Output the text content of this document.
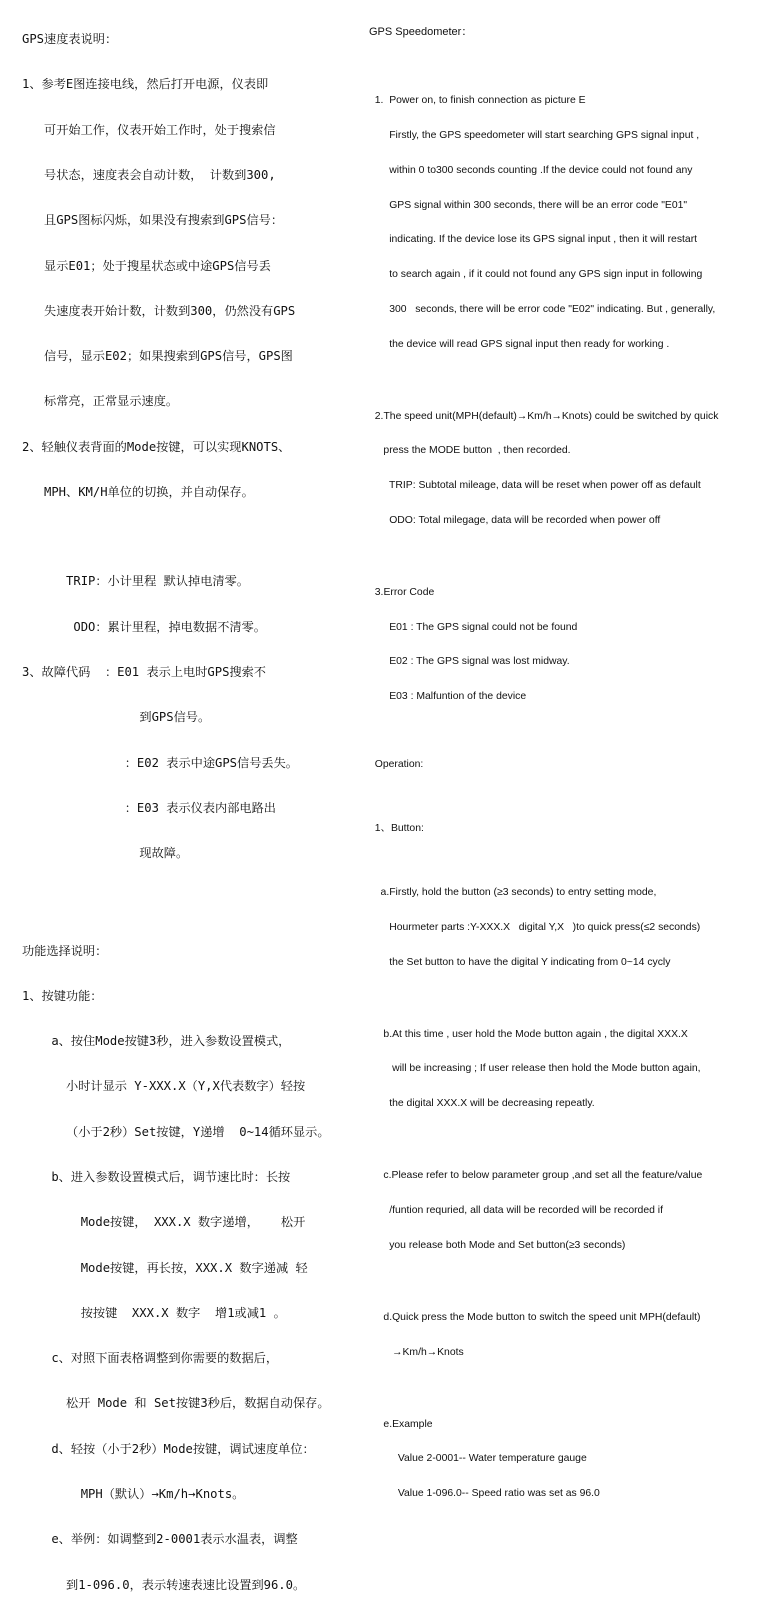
GPS速度表说明：

1、参考E图连接电线，然后打开电源，仪表即

可开始工作，仪表开始工作时，处于搜索信

号状态，速度表会自动计数， 计数到300,

且GPS图标闪烁，如果没有搜索到GPS信号：

显示E01；处于搜星状态或中途GPS信号丢

失速度表开始计数，计数到300，仍然没有GPS

信号，显示E02；如果搜索到GPS信号，GPS图

标常亮，正常显示速度。

2、轻触仪表背面的Mode按键，可以实现KNOTS、

MPH、KM/H单位的切换，并自动保存。

TRIP：小计里程 默认掉电清零。

ODO：累计里程，掉电数据不清零。

3、故障代码  ：E01 表示上电时GPS搜索不

到GPS信号。

：E02 表示中途GPS信号丢失。

：E03 表示仪表内部电路出

现故障。

功能选择说明：

1、按键功能：

a、按住Mode按键3秒，进入参数设置模式，

小时计显示 Y-XXX.X（Y,X代表数字）轻按

（小于2秒）Set按键，Y递增  0~14循环显示。

b、进入参数设置模式后，调节速比时：长按

Mode按键， XXX.X 数字递增，   松开

Mode按键，再长按，XXX.X 数字递减 轻

按按键  XXX.X 数字  增1或减1 。

c、对照下面表格调整到你需要的数据后，

松开 Mode 和 Set按键3秒后，数据自动保存。

d、轻按（小于2秒）Mode按键，调试速度单位：

MPH（默认）→Km/h→Knots。

e、举例：如调整到2-0001表示水温表，调整

到1-096.0，表示转速表速比设置到96.0。

GPS Speedometer：

1.  Power on, to finish connection as picture E

Firstly, the GPS speedometer will start searching GPS signal input ,

within 0 to300 seconds counting .If the device could not found any

GPS signal within 300 seconds, there will be an error code "E01"

indicating. If the device lose its GPS signal input , then it will restart

to search again , if it could not found any GPS sign input in following

300   seconds, there will be error code "E02" indicating. But , generally,

the device will read GPS signal input then ready for working .

2.The speed unit(MPH(default)→Km/h→Knots) could be switched by quick

press the MODE button  , then recorded.

TRIP: Subtotal mileage, data will be reset when power off as default

ODO: Total milegage, data will be recorded when power off

3.Error Code

E01 : The GPS signal could not be found

E02 : The GPS signal was lost midway.

E03 : Malfuntion of the device

Operation:

1、Button:

a.Firstly, hold the button (≥3 seconds) to entry setting mode,

Hourmeter parts :Y-XXX.X   digital Y,X   )to quick press(≤2 seconds)

the Set button to have the digital Y indicating from 0~14 cycly

b.At this time , user hold the Mode button again , the digital XXX.X

will be increasing ; If user release then hold the Mode button again,

the digital XXX.X will be decreasing repeatly.

c.Please refer to below parameter group ,and set all the feature/value

/funtion requried, all data will be recorded will be recorded if

you release both Mode and Set button(≥3 seconds)

d.Quick press the Mode button to switch the speed unit MPH(default)

→Km/h→Knots

e.Example

Value 2-0001-- Water temperature gauge

Value 1-096.0-- Speed ratio was set as 96.0
